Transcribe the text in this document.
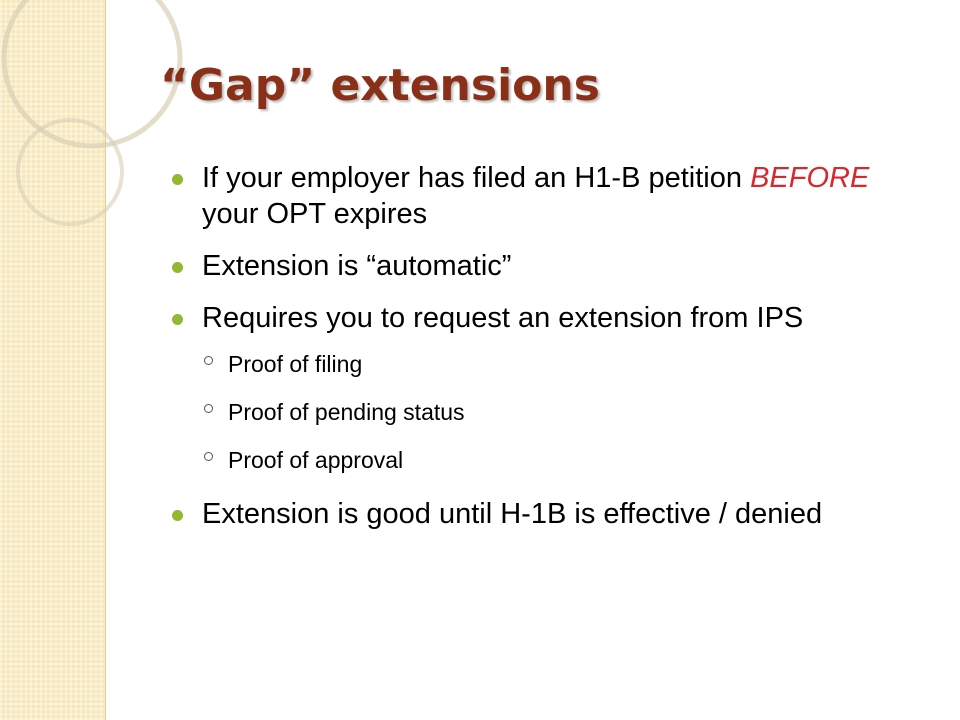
“Gap” extensions
If your employer has filed an H1-B petition BEFORE your OPT expires
Extension is “automatic”
Requires you to request an extension from IPS
Proof of filing
Proof of pending status
Proof of approval
Extension is good until H-1B is effective / denied
